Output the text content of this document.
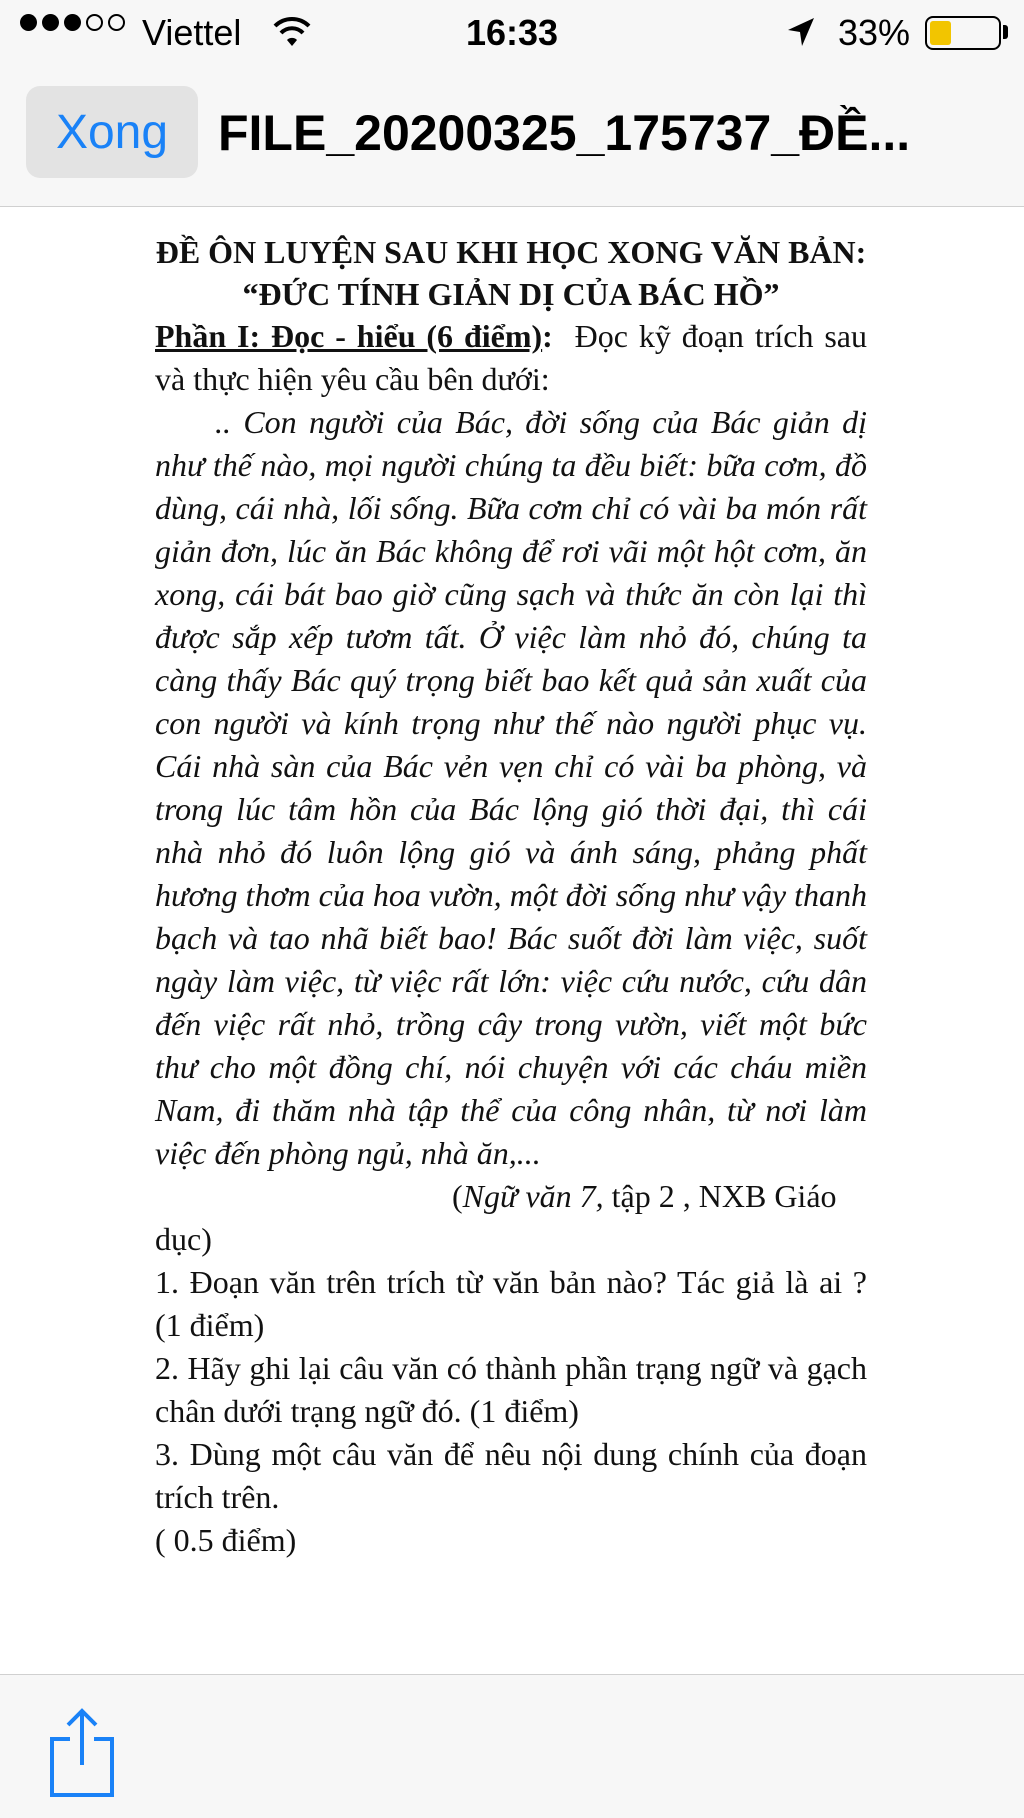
Viettel	16:33	33%
Xong FILE_20200325_175737_ĐỀ...
ĐỀ ÔN LUYỆN SAU KHI HỌC XONG VĂN BẢN: “ĐỨC TÍNH GIẢN DỊ CỦA BÁC HỒ”

Phần I: Đọc - hiểu (6 điểm): Đọc kỹ đoạn trích sau và thực hiện yêu cầu bên dưới:

.. Con người của Bác, đời sống của Bác giản dị như thế nào, mọi người chúng ta đều biết: bữa cơm, đồ dùng, cái nhà, lối sống. Bữa cơm chỉ có vài ba món rất giản đơn, lúc ăn Bác không để rơi vãi một hột cơm, ăn xong, cái bát bao giờ cũng sạch và thức ăn còn lại thì được sắp xếp tươm tất. Ở việc làm nhỏ đó, chúng ta càng thấy Bác quý trọng biết bao kết quả sản xuất của con người và kính trọng như thế nào người phục vụ. Cái nhà sàn của Bác vẻn vẹn chỉ có vài ba phòng, và trong lúc tâm hồn của Bác lộng gió thời đại, thì cái nhà nhỏ đó luôn lộng gió và ánh sáng, phảng phất hương thơm của hoa vườn, một đời sống như vậy thanh bạch và tao nhã biết bao! Bác suốt đời làm việc, suốt ngày làm việc, từ việc rất lớn: việc cứu nước, cứu dân đến việc rất nhỏ, trồng cây trong vườn, viết một bức thư cho một đồng chí, nói chuyện với các cháu miền Nam, đi thăm nhà tập thể của công nhân, từ nơi làm việc đến phòng ngủ, nhà ăn,...

(Ngữ văn 7, tập 2 , NXB Giáo dục)

1. Đoạn văn trên trích từ văn bản nào? Tác giả là ai ? (1 điểm)

2. Hãy ghi lại câu văn có thành phần trạng ngữ và gạch chân dưới trạng ngữ đó. (1 điểm)

3. Dùng một câu văn để nêu nội dung chính của đoạn trích trên.

( 0.5 điểm)
